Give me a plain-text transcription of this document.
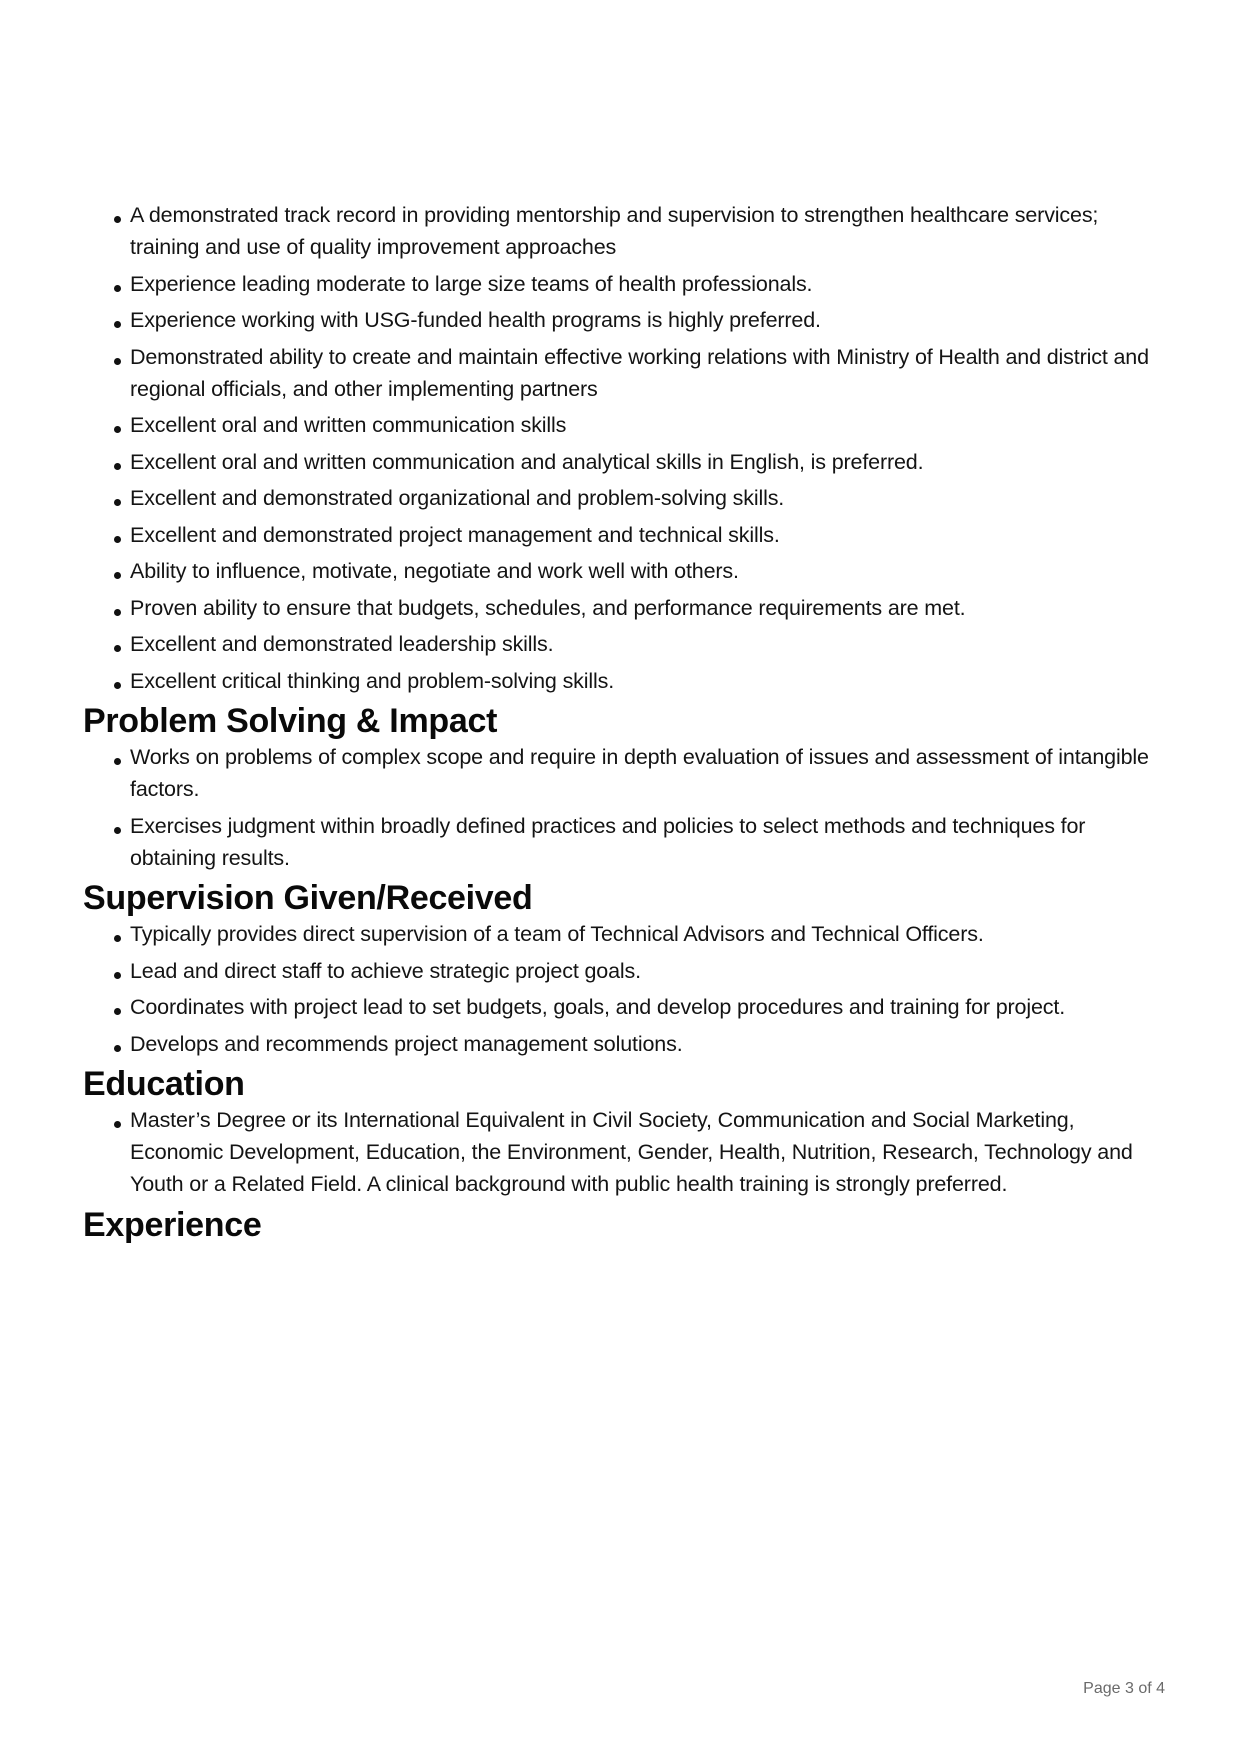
A demonstrated track record in providing mentorship and supervision to strengthen healthcare services; training and use of quality improvement approaches
Experience leading moderate to large size teams of health professionals.
Experience working with USG-funded health programs is highly preferred.
Demonstrated ability to create and maintain effective working relations with Ministry of Health and district and regional officials, and other implementing partners
Excellent oral and written communication skills
Excellent oral and written communication and analytical skills in English, is preferred.
Excellent and demonstrated organizational and problem-solving skills.
Excellent and demonstrated project management and technical skills.
Ability to influence, motivate, negotiate and work well with others.
Proven ability to ensure that budgets, schedules, and performance requirements are met.
Excellent and demonstrated leadership skills.
Excellent critical thinking and problem-solving skills.
Problem Solving & Impact
Works on problems of complex scope and require in depth evaluation of issues and assessment of intangible factors.
Exercises judgment within broadly defined practices and policies to select methods and techniques for obtaining results.
Supervision Given/Received
Typically provides direct supervision of a team of Technical Advisors and Technical Officers.
Lead and direct staff to achieve strategic project goals.
Coordinates with project lead to set budgets, goals, and develop procedures and training for project.
Develops and recommends project management solutions.
Education
Master’s Degree or its International Equivalent in Civil Society, Communication and Social Marketing, Economic Development, Education, the Environment, Gender, Health, Nutrition, Research, Technology and Youth or a Related Field. A clinical background with public health training is strongly preferred.
Experience
Page 3 of 4
